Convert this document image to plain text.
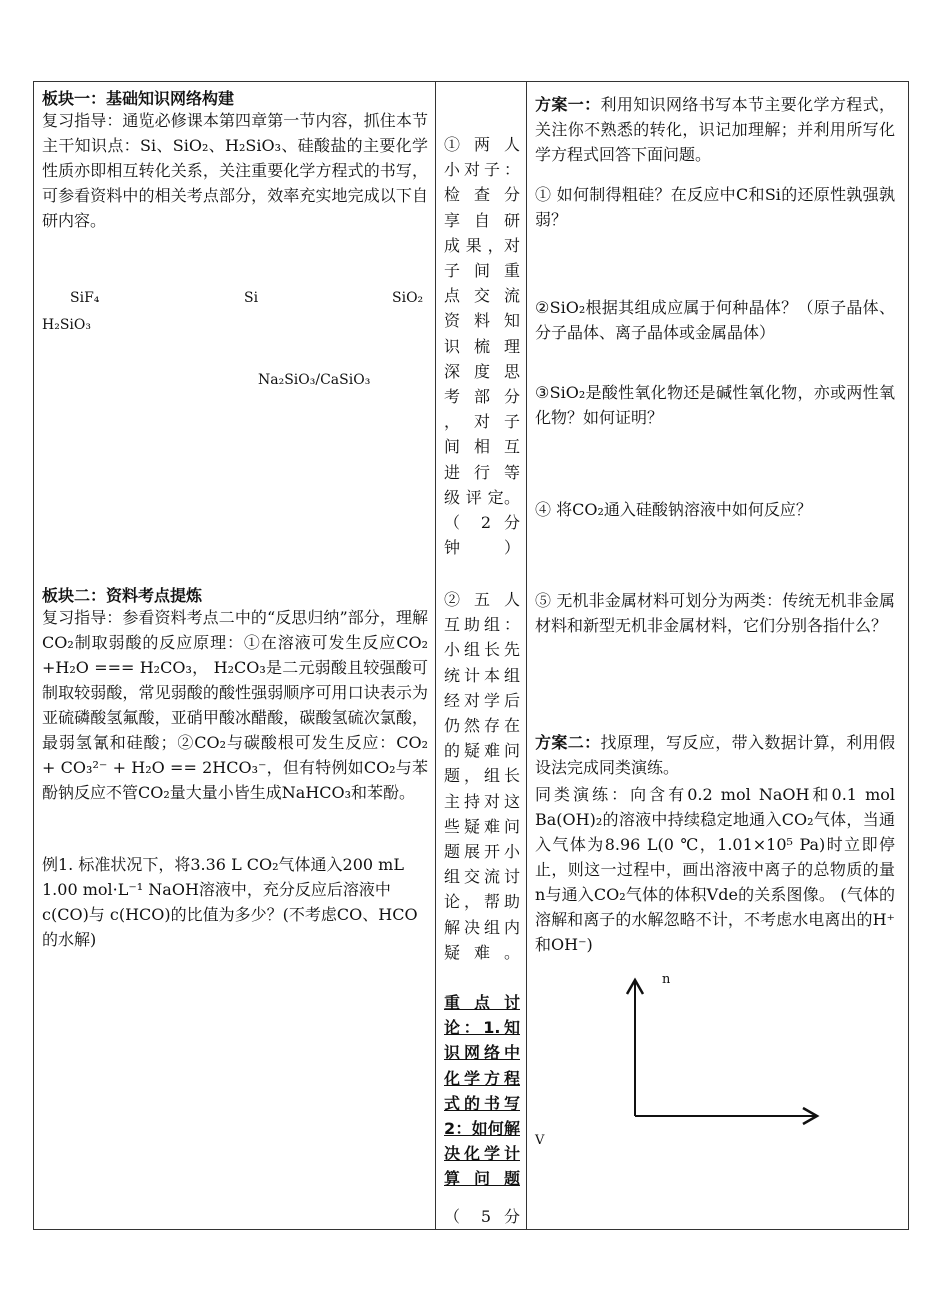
板块一：基础知识网络构建
复习指导：通览必修课本第四章第一节内容，抓住本节主干知识点：Si、SiO₂、H₂SiO₃、硅酸盐的主要化学性质亦即相互转化关系，关注重要化学方程式的书写，可参看资料中的相关考点部分，效率充实地完成以下自研内容。
SiF₄	Si	SiO₂
H₂SiO₃
Na₂SiO₃/CaSiO₃
板块二：资料考点提炼
复习指导：参看资料考点二中的“反思归纳”部分，理解CO₂制取弱酸的反应原理：①在溶液可发生反应CO₂ +H₂O === H₂CO₃， H₂CO₃是二元弱酸且较强酸可制取较弱酸，常见弱酸的酸性强弱顺序可用口诀表示为亚硫磷酸氢氟酸，亚硝甲酸冰醋酸，碳酸氢硫次氯酸，最弱氢氰和硅酸；②CO₂与碳酸根可发生反应：CO₂ + CO₃²⁻ + H₂O == 2HCO₃⁻，但有特例如CO₂与苯酚钠反应不管CO₂量大量小皆生成NaHCO₃和苯酚。
例1. 标准状况下，将3.36 L CO₂气体通入200 mL 1.00 mol·L⁻¹ NaOH溶液中，充分反应后溶液中 c(CO)与 c(HCO)的比值为多少？(不考虑CO、HCO的水解)

① 两 人 小对子：检 查 分 享 自 研 成 果 ，对 子 间 重 点 交 流 资 料 知 识 梳 理 深 度 思 考 部 分 ， 对 子 间 相 互 进 行 等 级 评 定。（ 2 分 钟）
② 五 人 互助组：小组长先统计本组经对学后仍然存在的疑难问题，组长主持对这些疑难问题展开小组交流讨论，帮助解决组内疑难。
重 点 讨 论：1.知识网络中化学方程式的书写 2：如何解决化学计算问题
（ 5 分

方案一：利用知识网络书写本节主要化学方程式，关注你不熟悉的转化，识记加理解；并利用所写化学方程式回答下面问题。
① 如何制得粗硅？在反应中C和Si的还原性孰强孰弱？
②SiO₂根据其组成应属于何种晶体？（原子晶体、分子晶体、离子晶体或金属晶体）
③SiO₂是酸性氧化物还是碱性氧化物，亦或两性氧化物？如何证明？
④ 将CO₂通入硅酸钠溶液中如何反应？
⑤ 无机非金属材料可划分为两类：传统无机非金属材料和新型无机非金属材料，它们分别各指什么？
方案二：找原理，写反应，带入数据计算，利用假设法完成同类演练。
同类演练：向含有0.2 mol NaOH和0.1 mol Ba(OH)₂的溶液中持续稳定地通入CO₂气体，当通入气体为8.96 L(0 ℃，1.01×10⁵ Pa)时立即停止，则这一过程中，画出溶液中离子的总物质的量n与通入CO₂气体的体积Vde的关系图像。 (气体的溶解和离子的水解忽略不计，不考虑水电离出的H⁺和OH⁻)
n
V
